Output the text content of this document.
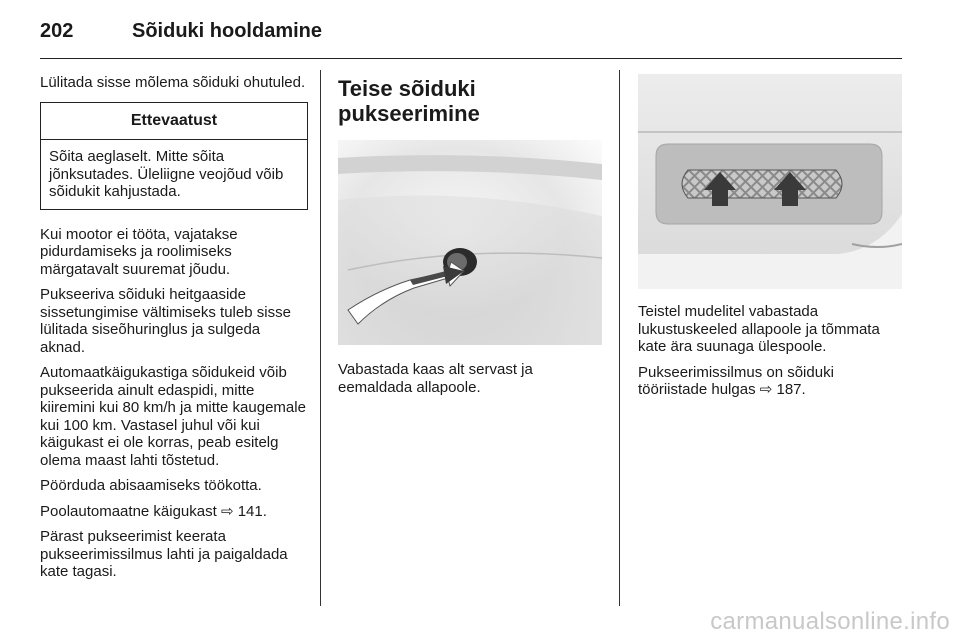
202	Sõiduki hooldamine

Lülitada sisse mõlema sõiduki ohutuled.

Ettevaatust
Sõita aeglaselt. Mitte sõita jõnksutades. Üleliigne veojõud võib sõidukit kahjustada.

Kui mootor ei tööta, vajatakse pidurdamiseks ja roolimiseks märgatavalt suuremat jõudu.

Pukseeriva sõiduki heitgaaside sissetungimise vältimiseks tuleb sisse lülitada siseõhuringlus ja sulgeda aknad.

Automaatkäigukastiga sõidukeid võib pukseerida ainult edaspidi, mitte kiiremini kui 80 km/h ja mitte kaugemale kui 100 km. Vastasel juhul või kui käigukast ei ole korras, peab esitelg olema maast lahti tõstetud.

Pöörduda abisaamiseks töökotta.

Poolautomaatne käigukast ⇨ 141.

Pärast pukseerimist keerata pukseerimissilmus lahti ja paigaldada kate tagasi.

Teise sõiduki pukseerimine

Vabastada kaas alt servast ja eemaldada allapoole.

Teistel mudelitel vabastada lukustuskeeled allapoole ja tõmmata kate ära suunaga ülespoole.

Pukseerimissilmus on sõiduki tööriistade hulgas ⇨ 187.

carmanualsonline.info
